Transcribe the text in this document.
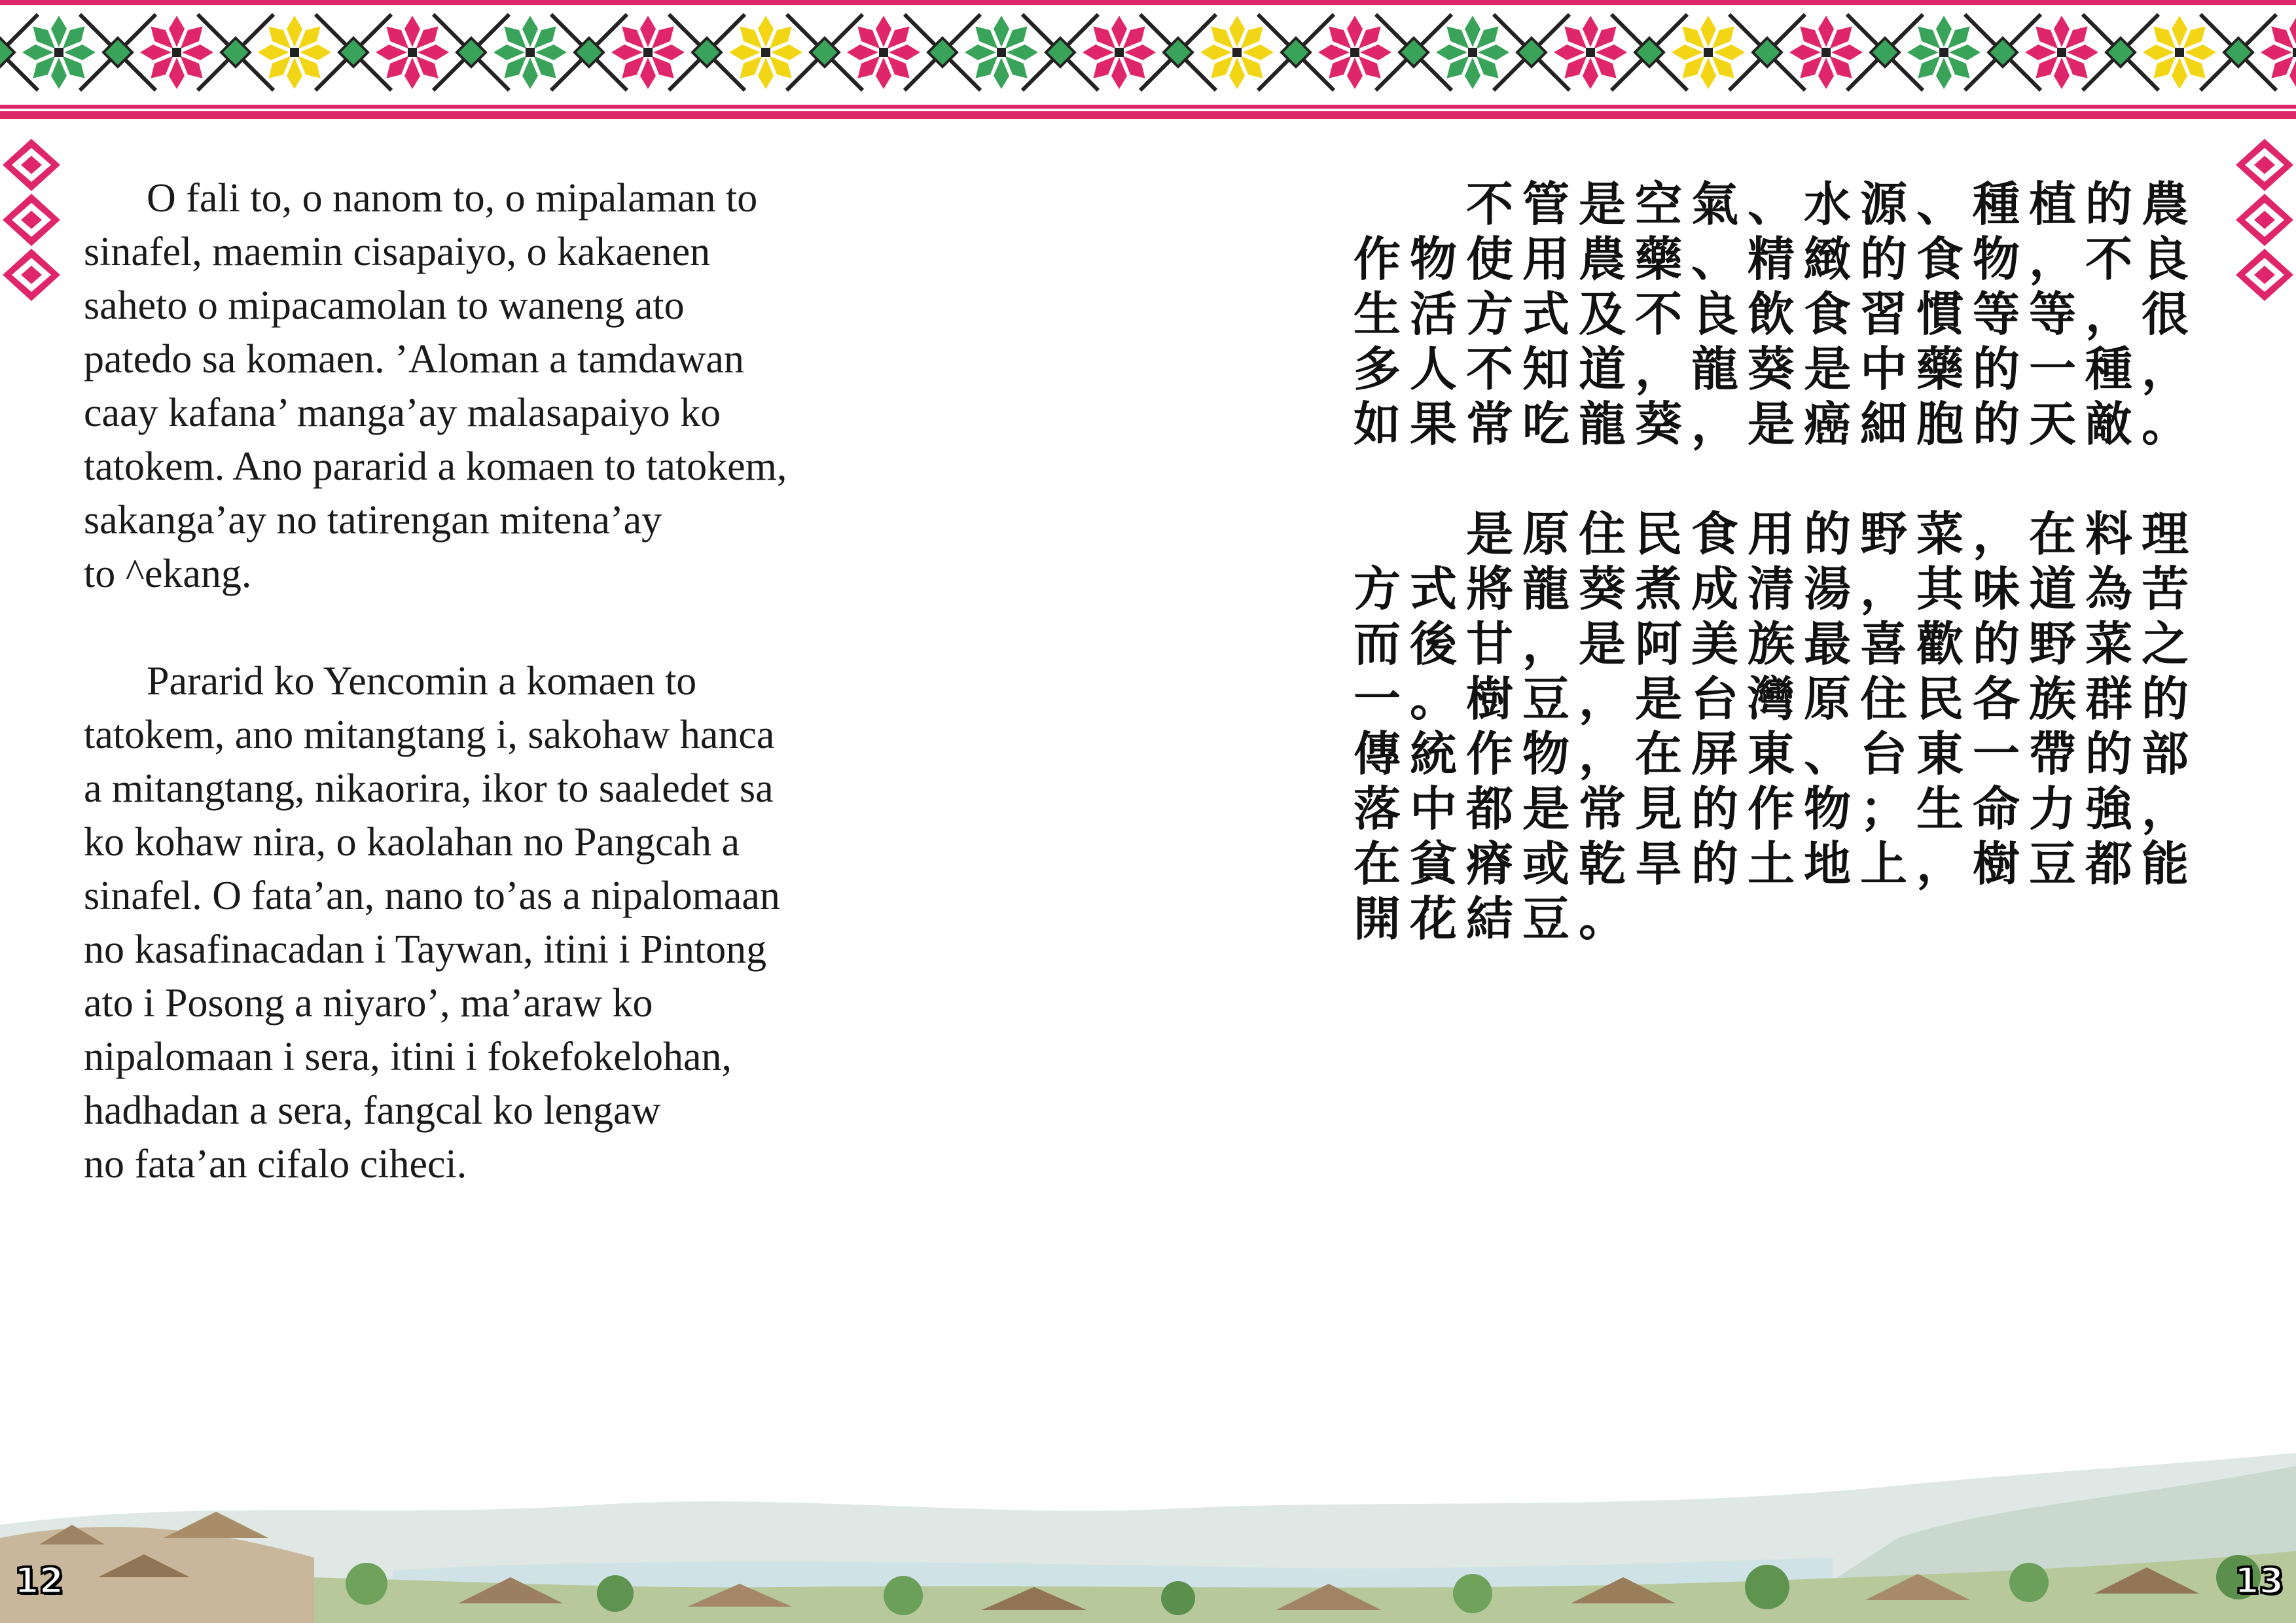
O fali to, o nanom to, o mipalaman to
sinafel, maemin cisapaiyo, o kakaenen
saheto o mipacamolan to waneng ato
patedo sa komaen. ’Aloman a tamdawan
caay kafana’ manga’ay malasapaiyo ko
tatokem. Ano pararid a komaen to tatokem,
sakanga’ay no tatirengan mitena’ay
to ^ekang.

Pararid ko Yencomin a komaen to
tatokem, ano mitangtang i, sakohaw hanca
a mitangtang, nikaorira, ikor to saaledet sa
ko kohaw nira, o kaolahan no Pangcah a
sinafel. O fata’an, nano to’as a nipalomaan
no kasafinacadan i Taywan, itini i Pintong
ato i Posong a niyaro’, ma’araw ko
nipalomaan i sera, itini i fokefokelohan,
hadhadan a sera, fangcal ko lengaw
no fata’an cifalo ciheci.

不管是空氣、水源、種植的農
作物使用農藥、精緻的食物，不良
生活方式及不良飲食習慣等等，很
多人不知道，龍葵是中藥的一種，
如果常吃龍葵，是癌細胞的天敵。

是原住民食用的野菜，在料理
方式將龍葵煮成清湯，其味道為苦
而後甘，是阿美族最喜歡的野菜之
一。樹豆，是台灣原住民各族群的
傳統作物，在屏東、台東一帶的部
落中都是常見的作物；生命力強，
在貧瘠或乾旱的土地上，樹豆都能
開花結豆。

12	13
